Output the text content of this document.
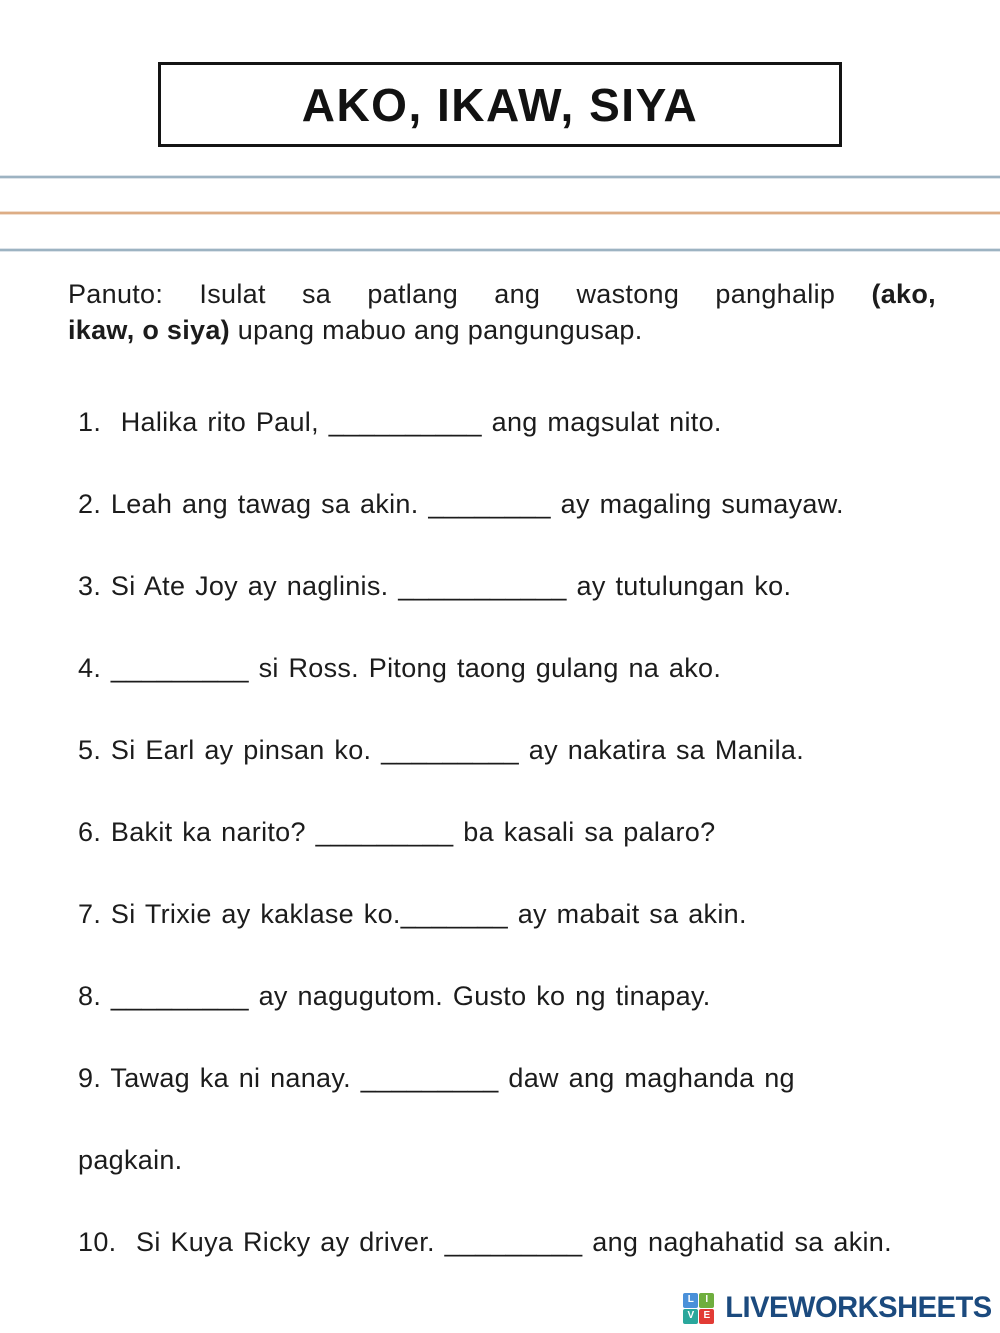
AKO, IKAW, SIYA
Panuto: Isulat sa patlang ang wastong panghalip (ako,
ikaw, o siya) upang mabuo ang pangungusap.
1.  Halika rito Paul, __________ ang magsulat nito.
2. Leah ang tawag sa akin. ________ ay magaling sumayaw.
3. Si Ate Joy ay naglinis. ___________ ay tutulungan ko.
4. _________ si Ross. Pitong taong gulang na ako.
5. Si Earl ay pinsan ko. _________ ay nakatira sa Manila.
6. Bakit ka narito? _________ ba kasali sa palaro?
7. Si Trixie ay kaklase ko._______ ay mabait sa akin.
8. _________ ay nagugutom. Gusto ko ng tinapay.
9. Tawag ka ni nanay. _________ daw ang maghanda ng
pagkain.
10.  Si Kuya Ricky ay driver. _________ ang naghahatid sa akin.
L	I
V E LIVEWORKSHEETS
